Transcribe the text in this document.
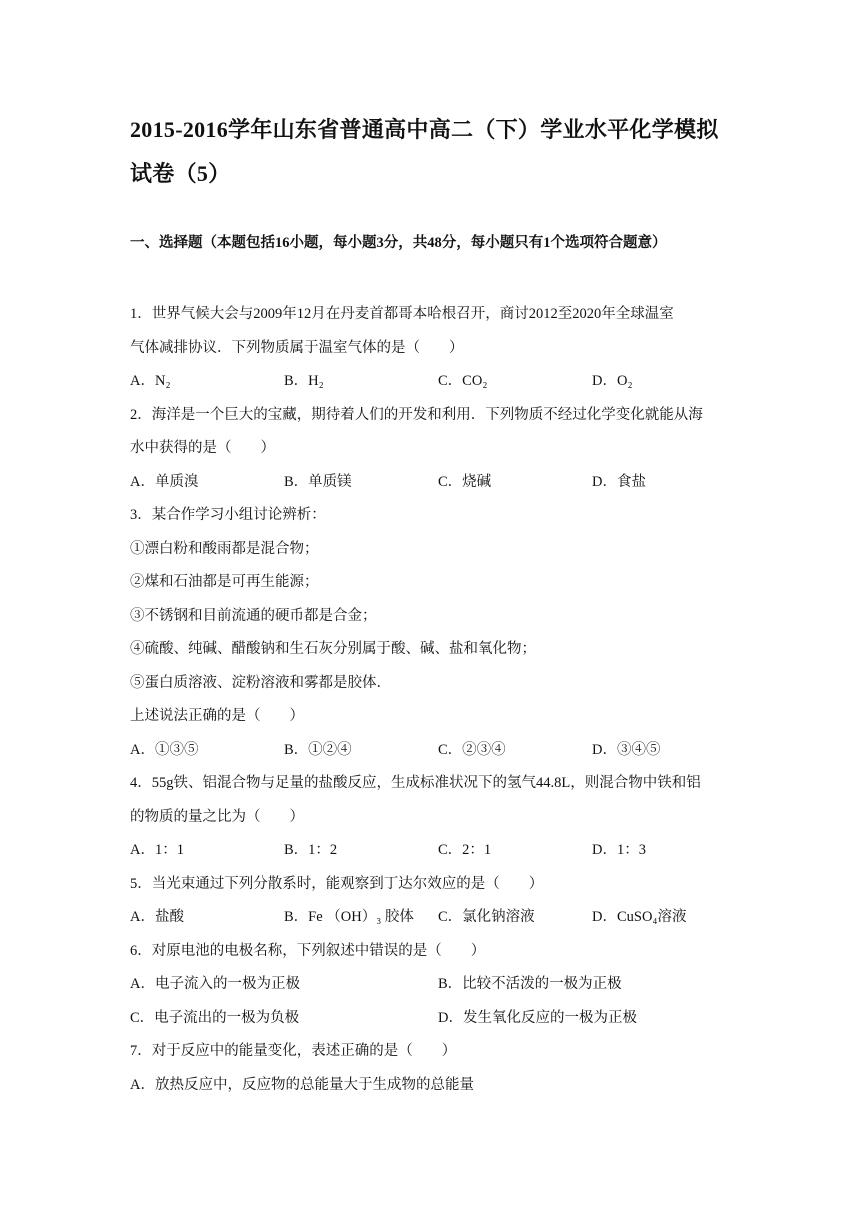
2015-2016学年山东省普通高中高二（下）学业水平化学模拟试卷（5）
一、选择题（本题包括16小题，每小题3分，共48分，每小题只有1个选项符合题意）

1．世界气候大会与2009年12月在丹麦首都哥本哈根召开，商讨2012至2020年全球温室

气体减排协议．下列物质属于温室气体的是（　　）

A．N₂	B．H₂	C．CO₂	D．O₂

2．海洋是一个巨大的宝藏，期待着人们的开发和利用．下列物质不经过化学变化就能从海

水中获得的是（　　）

A．单质溴	B．单质镁	C．烧碱	D．食盐

3．某合作学习小组讨论辨析：

①漂白粉和酸雨都是混合物；

②煤和石油都是可再生能源；

③不锈钢和目前流通的硬币都是合金；

④硫酸、纯碱、醋酸钠和生石灰分别属于酸、碱、盐和氧化物；

⑤蛋白质溶液、淀粉溶液和雾都是胶体．

上述说法正确的是（　　）

A．①③⑤	B．①②④	C．②③④	D．③④⑤

4．55g铁、铝混合物与足量的盐酸反应，生成标准状况下的氢气44.8L，则混合物中铁和铝

的物质的量之比为（　　）

A．1：1	B．1：2	C．2：1	D．1：3

5．当光束通过下列分散系时，能观察到丁达尔效应的是（　　）

A．盐酸	B．Fe （OH）₃ 胶体	C．氯化钠溶液	D．CuSO₄溶液

6．对原电池的电极名称，下列叙述中错误的是（　　）

A．电子流入的一极为正极	B．比较不活泼的一极为正极
C．电子流出的一极为负极	D．发生氧化反应的一极为正极

7．对于反应中的能量变化，表述正确的是（　　）

A．放热反应中，反应物的总能量大于生成物的总能量
